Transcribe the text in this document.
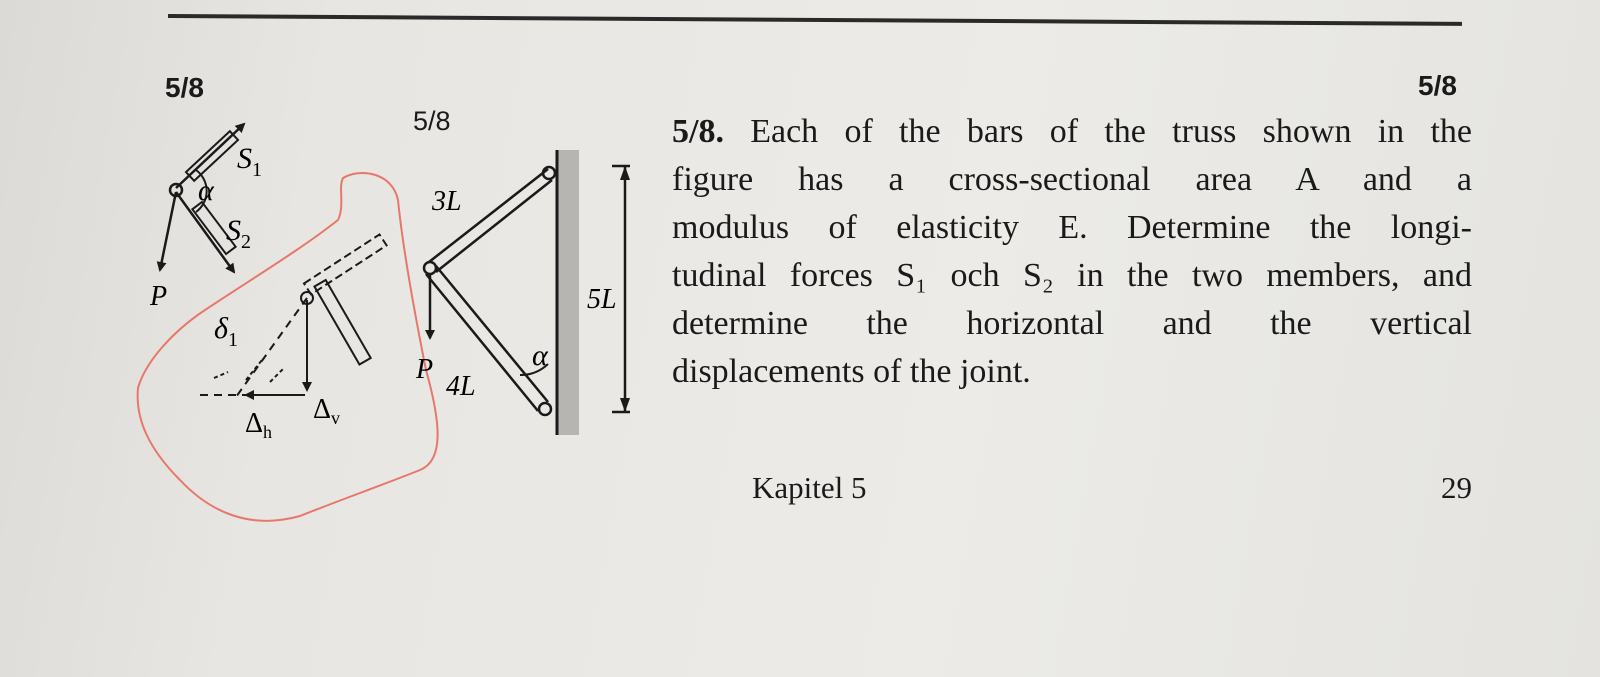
5/8	5/8
5/8
$S_1$
α
$S_2$
P
$\delta_1$
$\Delta_h$
$\Delta_v$
3L
5L
P
4L
α
5/8. Each of the bars of the truss shown in the
figure has a cross-sectional area A and a
modulus of elasticity E. Determine the longi-
tudinal forces S₁ och S₂ in the two members, and
determine the horizontal and the vertical
displacements of the joint.
Kapitel 5	29
